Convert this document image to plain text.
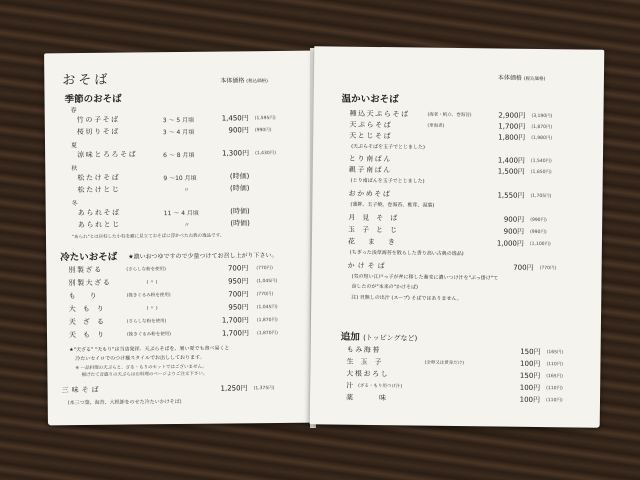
おそば	本体価格 (税込価格)
季節のおそば
春
竹の子そば	3 ～ 5 月頃	1,450円 (1,595円)
桜切りそば	3 ～ 4 月頃	900円 (990円)
夏
涼味とろろそば	6 ～ 8 月頃	1,300円 (1,430円)
秋
松たけそば	9 ～10 月頃	(時価)
松たけとじ	〃	(時価)
冬
あられそば	11 ～ 4 月頃	(時価)
あられとじ	〃	(時価)
"あられ"とは貝柱した小柱を霰に見立ておそばに浮かべた古典の逸品です。
冷たいおそば ★濃いおつゆですので少量つけてお召し上がり下さい。
別製ざる	(さらしな粉を使用)	700円 (770円)
別製大ざる	( 〃 )	950円 (1,045円)
もり	(挽きぐるみ粉を使用)	700円 (770円)
大もり	( 〃 )	950円 (1,045円)
天ざる	(さらしな粉を使用)	1,700円 (1,870円)
天もり	(挽きぐるみ粉を使用)	1,700円 (1,870円)
★"天ざる" "天もり"は当店発祥。天ぷらそばを、暑い夏でも食べ易くと
冷たいセイロでのつけ麺スタイルでお出ししております。
※ 一品料理の天ぷらと、ざる・もりのセットではございません。
揚げたて音盛りの天ぷらはお料理のページよりご注文下さい。
三味そば	1,250円 (1,375円)
(本三つ葉、海苔、大根卸をのせた冷たいかけそば)
本体価格 (税込価格)
温かいおそば
種込天ぷらそば	(海老・帆立、巻海苔)	2,900円 (3,190円)
天ぷらそば	(車海老)	1,700円 (1,870円)
天とじそば	1,800円 (1,980円)
(天ぷらそばを玉子でとじました)
とり南ばん	1,400円 (1,540円)
親子南ばん	1,500円 (1,650円)
(とり南ばんを玉子でとじました)
おかめそば	1,550円 (1,705円)
(蒲鉾、玉子焼、巻海苔、椎茸、湯葉)
月見そば	900円 (990円)
玉子とじ	900円 (990円)
花まき	1,000円 (1,100円)
(ちぎった浅草海苔を散らした香り高い古典の逸品)
かけそば	700円 (770円)
(気の短い江戸っ子が丼に移した蕎麦に濃いつけ汁を"ぶっ掛け"て
食したのが"本来の"かけそば)
注) 貝無しの出汁 (スープ) そばではありません。
追加 (トッピングなど)
もみ海苔	150円 (165円)
生玉子	(全卵又は黄身だけ)	100円 (110円)
大根おろし	150円 (165円)
汁 (ざる・もり用つけ汁)	100円 (110円)
薬味	100円 (110円)
